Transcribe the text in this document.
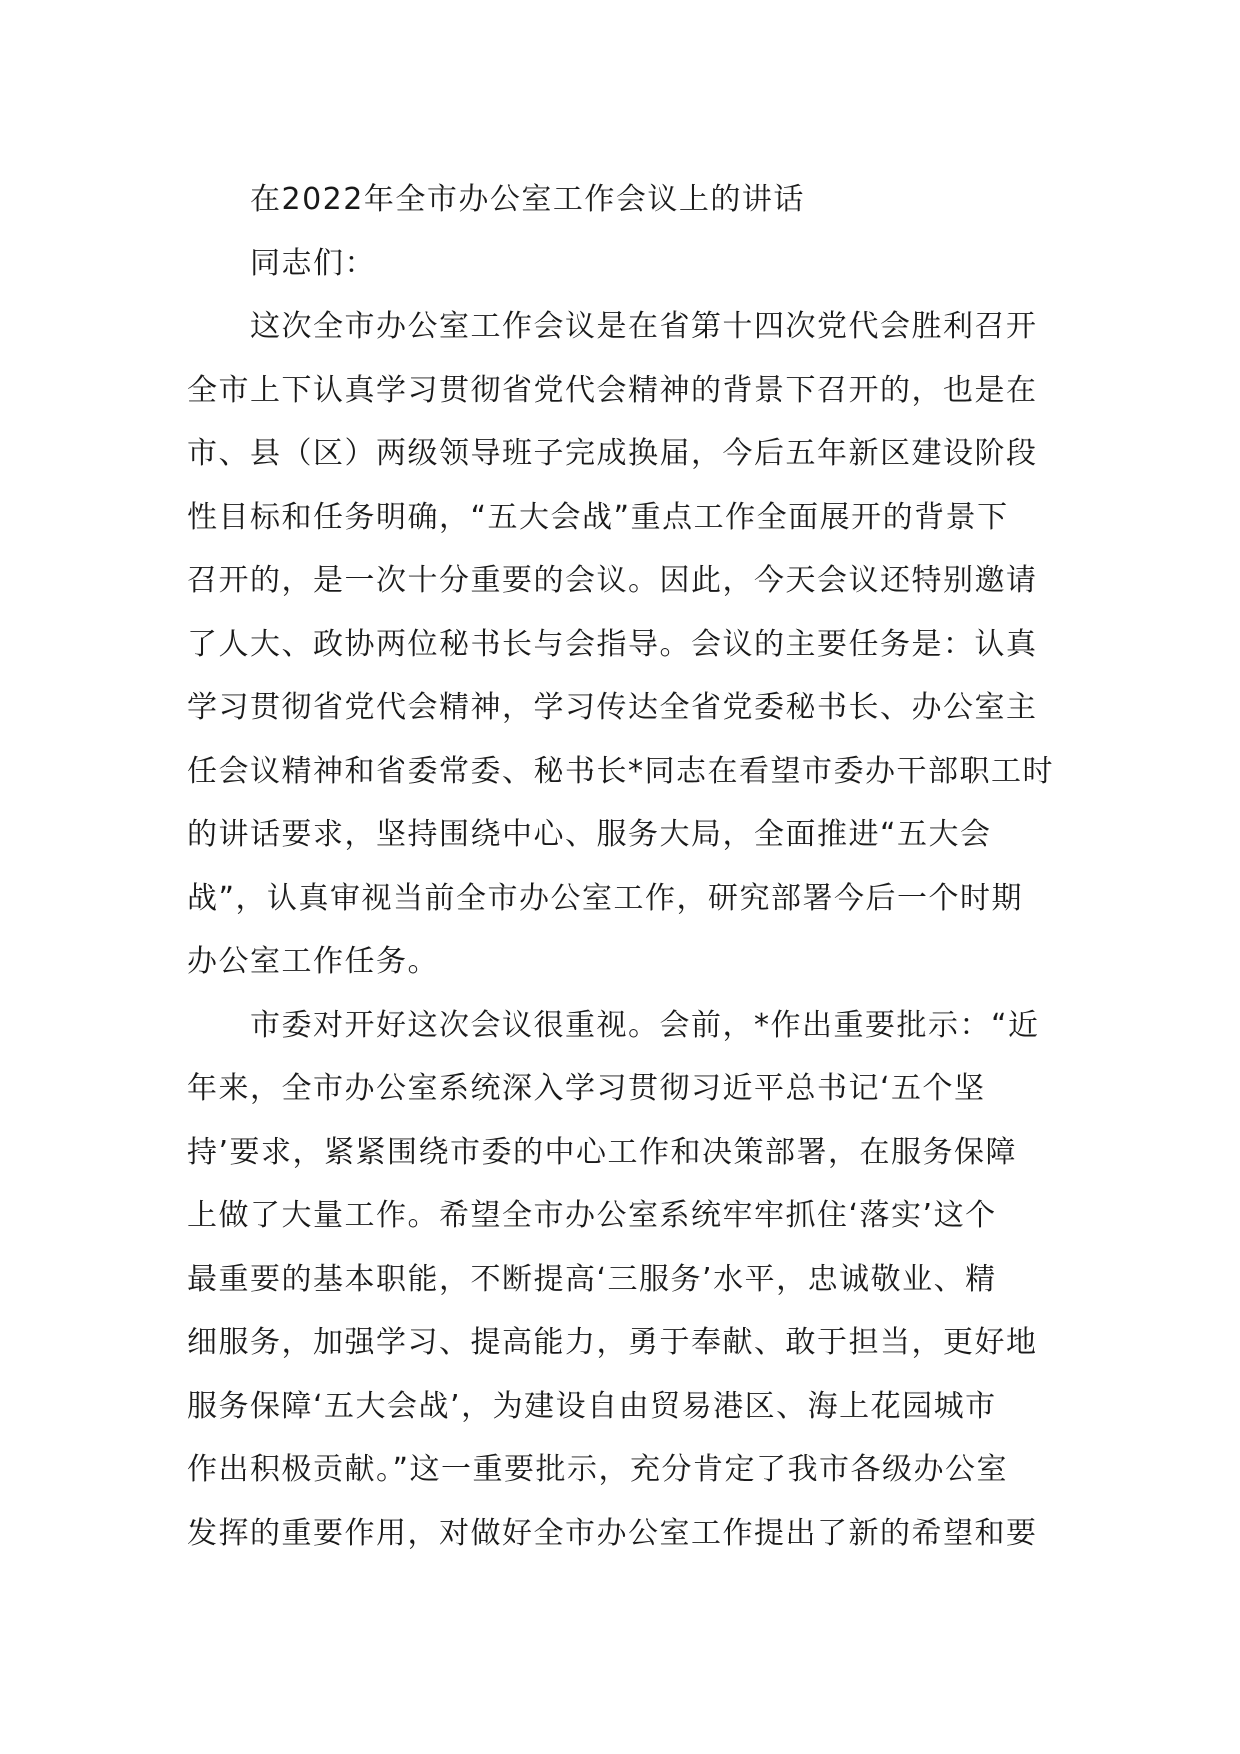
在2022年全市办公室工作会议上的讲话
同志们：
这次全市办公室工作会议是在省第十四次党代会胜利召开
全市上下认真学习贯彻省党代会精神的背景下召开的，也是在
市、县（区）两级领导班子完成换届，今后五年新区建设阶段
性目标和任务明确，“五大会战”重点工作全面展开的背景下
召开的，是一次十分重要的会议。因此，今天会议还特别邀请
了人大、政协两位秘书长与会指导。会议的主要任务是：认真
学习贯彻省党代会精神，学习传达全省党委秘书长、办公室主
任会议精神和省委常委、秘书长*同志在看望市委办干部职工时
的讲话要求，坚持围绕中心、服务大局，全面推进“五大会
战”，认真审视当前全市办公室工作，研究部署今后一个时期
办公室工作任务。
市委对开好这次会议很重视。会前，*作出重要批示：“近
年来，全市办公室系统深入学习贯彻习近平总书记‘五个坚
持’要求，紧紧围绕市委的中心工作和决策部署，在服务保障
上做了大量工作。希望全市办公室系统牢牢抓住‘落实’这个
最重要的基本职能，不断提高‘三服务’水平，忠诚敬业、精
细服务，加强学习、提高能力，勇于奉献、敢于担当，更好地
服务保障‘五大会战’，为建设自由贸易港区、海上花园城市
作出积极贡献。”这一重要批示，充分肯定了我市各级办公室
发挥的重要作用，对做好全市办公室工作提出了新的希望和要
